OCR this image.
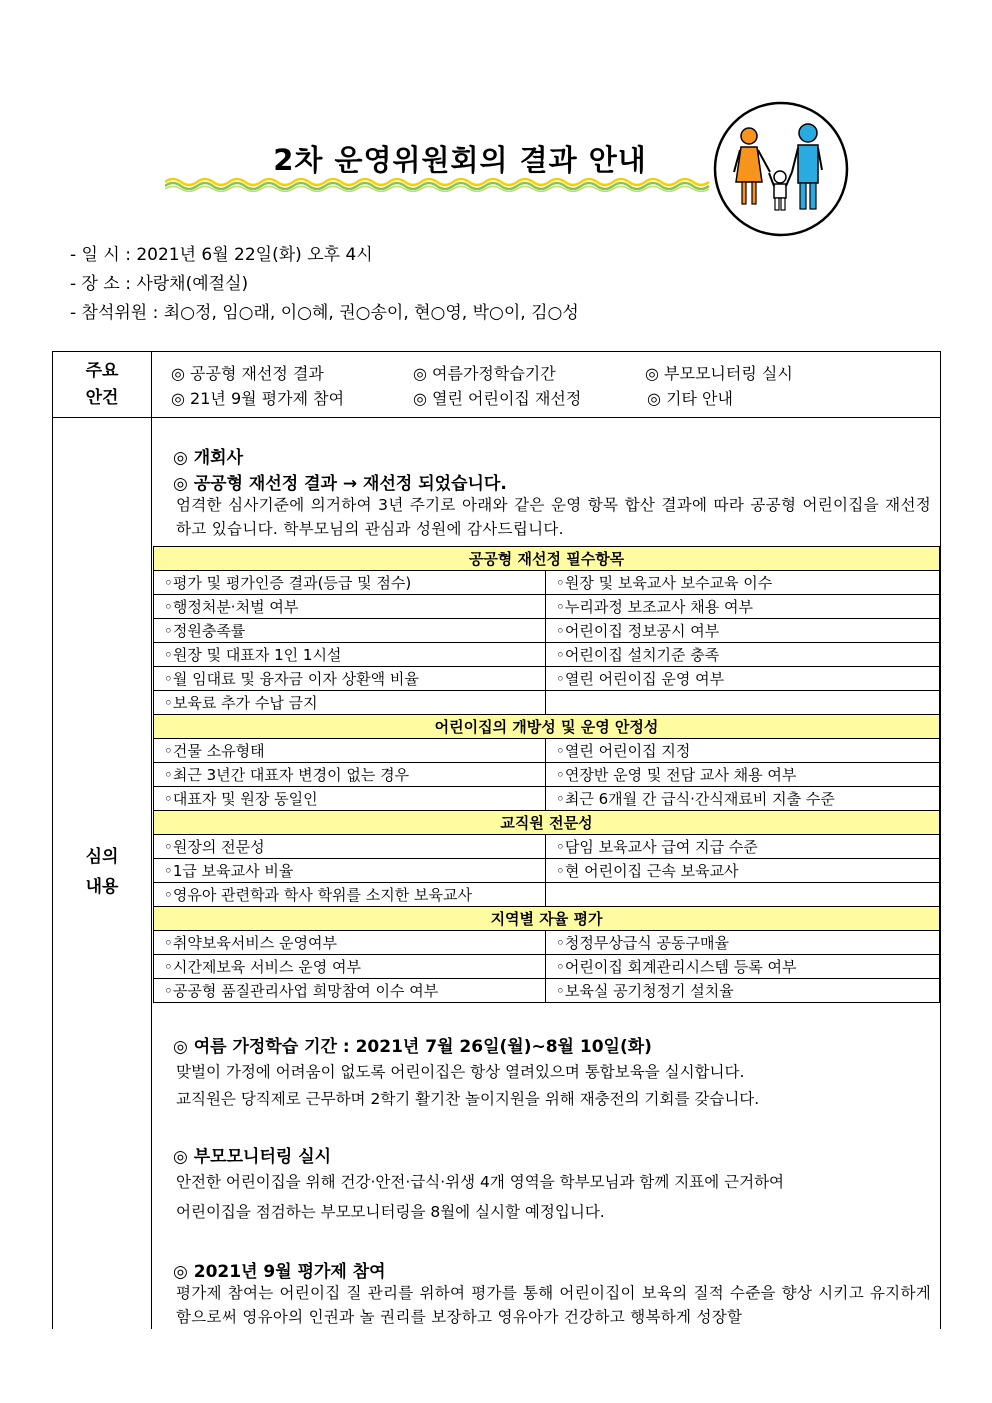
2차 운영위원회의 결과 안내
- 일 시 : 2021년 6월 22일(화) 오후 4시
- 장 소 : 사랑채(예절실)
- 참석위원 : 최○정, 임○래, 이○혜, 권○송이, 현○영, 박○이, 김○성
주요
안건
◎ 공공형 재선정 결과	◎ 여름가정학습기간	◎ 부모모니터링 실시
◎ 21년 9월 평가제 참여	◎ 열린 어린이집 재선정	◎ 기타 안내
심의
내용
◎ 개회사
◎ 공공형 재선정 결과 → 재선정 되었습니다.
엄격한 심사기준에 의거하여 3년 주기로 아래와 같은 운영 항목 합산 결과에 따라 공공형 어린이집을 재선정하고 있습니다. 학부모님의 관심과 성원에 감사드립니다.
공공형 재선정 필수항목	
◦평가 및 평가인증 결과(등급 및 점수)	◦원장 및 보육교사 보수교육 이수
◦행정처분·처벌 여부	◦누리과정 보조교사 채용 여부
◦정원충족률	◦어린이집 정보공시 여부
◦원장 및 대표자 1인 1시설	◦어린이집 설치기준 충족
◦월 임대료 및 융자금 이자 상환액 비율	◦열린 어린이집 운영 여부
◦보육료 추가 수납 금지	
어린이집의 개방성 및 운영 안정성	
◦건물 소유형태	◦열린 어린이집 지정
◦최근 3년간 대표자 변경이 없는 경우	◦연장반 운영 및 전담 교사 채용 여부
◦대표자 및 원장 동일인	◦최근 6개월 간 급식·간식재료비 지출 수준
교직원 전문성	
◦원장의 전문성	◦담임 보육교사 급여 지급 수준
◦1급 보육교사 비율	◦현 어린이집 근속 보육교사
◦영유아 관련학과 학사 학위를 소지한 보육교사	
지역별 자율 평가	
◦취약보육서비스 운영여부	◦청정무상급식 공동구매율
◦시간제보육 서비스 운영 여부	◦어린이집 회계관리시스템 등록 여부
◦공공형 품질관리사업 희망참여 이수 여부	◦보육실 공기청정기 설치율
◎ 여름 가정학습 기간 : 2021년 7월 26일(월)~8월 10일(화)
맞벌이 가정에 어려움이 없도록 어린이집은 항상 열려있으며 통합보육을 실시합니다.
교직원은 당직제로 근무하며 2학기 활기찬 놀이지원을 위해 재충전의 기회를 갖습니다.
◎ 부모모니터링 실시
안전한 어린이집을 위해 건강·안전·급식·위생 4개 영역을 학부모님과 함께 지표에 근거하여
어린이집을 점검하는 부모모니터링을 8월에 실시할 예정입니다.
◎ 2021년 9월 평가제 참여
평가제 참여는 어린이집 질 관리를 위하여 평가를 통해 어린이집이 보육의 질적 수준을 향상 시키고 유지하게 함으로써 영유아의 인권과 놀 권리를 보장하고 영유아가 건강하고 행복하게 성장할
